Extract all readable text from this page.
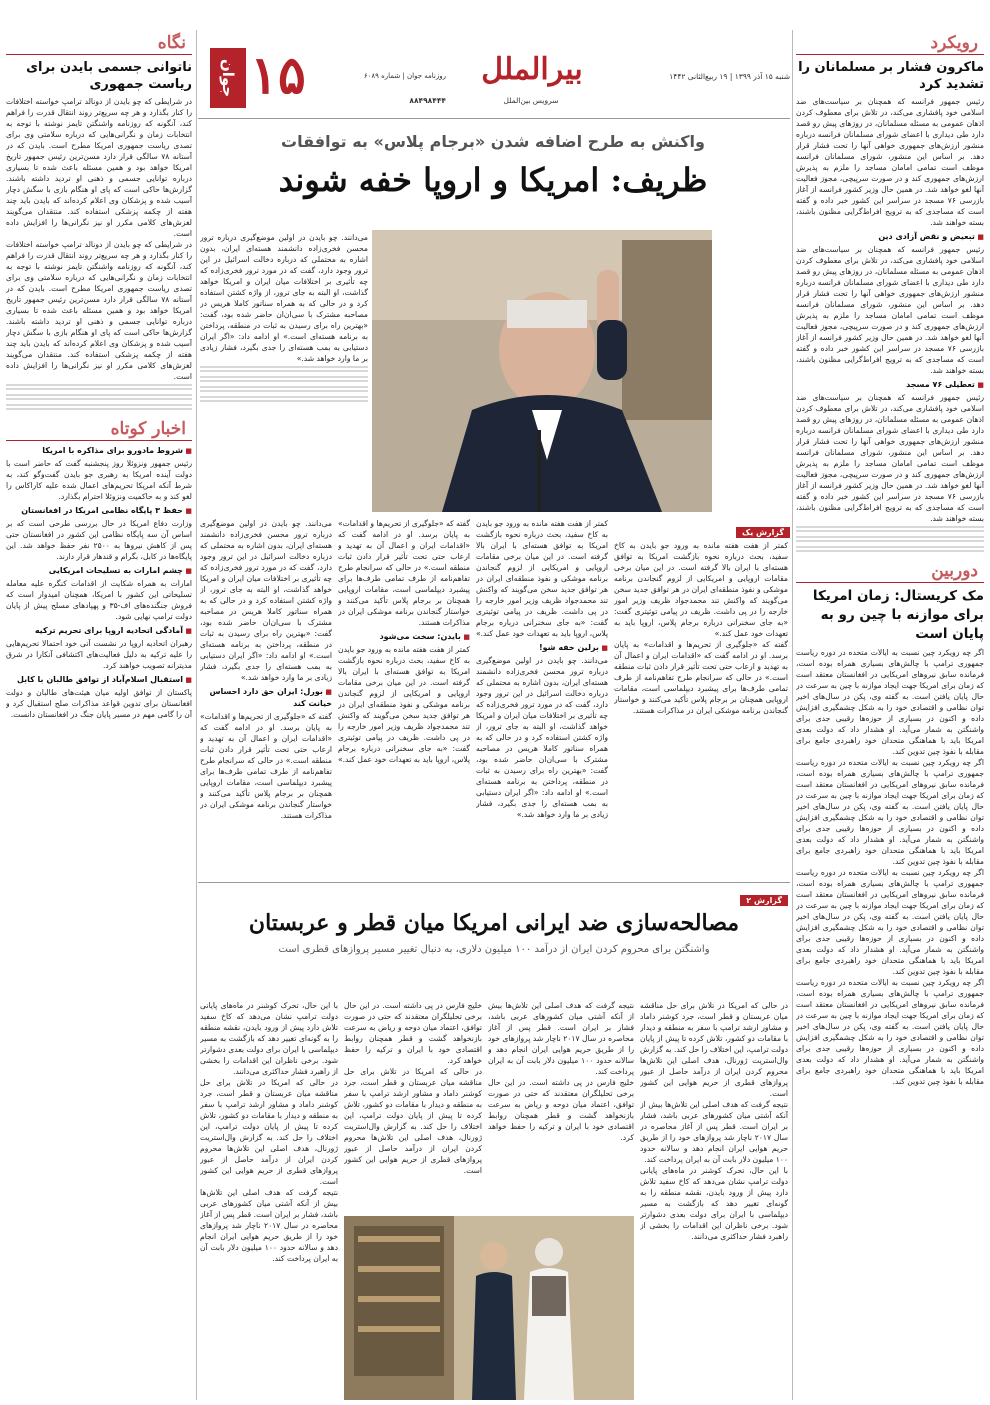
جوان ۱۵	روزنامه جوان | شماره ۶۰۸۹
۸۸۴۹۸۴۴۴
بیرالملل
سرویس بین‌الملل
شنبه ۱۵ آذر ۱۳۹۹ | ۱۹ ربیع‌الثانی ۱۴۴۲
واکنش به طرح اضافه شدن «برجام پلاس» به توافقات
ظریف: امریکا و اروپا خفه شوند

می‌دانند. چو بایدن در اولین موضع‌گیری درباره ترور محسن فخری‌زاده دانشمند هسته‌ای ایران، بدون اشاره به محتملی که درباره دخالت اسرائیل در این ترور وجود دارد، گفت که در مورد ترور فخری‌زاده که چه تأثیری بر اختلافات میان ایران و امریکا خواهد گذاشت، او البته به جای ترور، از واژه کشتن استفاده کرد و در حالی که به همراه سناتور کاملا هریس در مصاحبه مشترک با سی‌ان‌ان حاضر شده بود، گفت: «بهترین راه برای رسیدن به ثبات در منطقه، پرداختن به برنامه هسته‌ای است.» او ادامه داد: «اگر ایران دستیابی به بمب هسته‌ای را جدی بگیرد، فشار زیادی بر ما وارد خواهد شد.»

گزارش یک

می‌دانند. چو بایدن در اولین موضع‌گیری درباره ترور محسن فخری‌زاده دانشمند هسته‌ای ایران، بدون اشاره به محتملی که درباره دخالت اسرائیل در این ترور وجود دارد، گفت که در مورد ترور فخری‌زاده که چه تأثیری بر اختلافات میان ایران و امریکا خواهد گذاشت، او البته به جای ترور، از واژه کشتن استفاده کرد و در حالی که به همراه سناتور کاملا هریس در مصاحبه مشترک با سی‌ان‌ان حاضر شده بود، گفت: «بهترین راه برای رسیدن به ثبات در منطقه، پرداختن به برنامه هسته‌ای است.» او ادامه داد: «اگر ایران دستیابی به بمب هسته‌ای را جدی بگیرد، فشار زیادی بر ما وارد خواهد شد.»

■ بورل: ایران حق دارد احساس خیانت کند

گفته که «جلوگیری از تحریم‌ها و اقدامات» به پایان برسد. او در ادامه گفت که «اقدامات ایران و اعمال آن به تهدید و ارعاب حتی تحت تأثیر قرار دادن ثبات منطقه است.» در حالی که سرانجام طرح تفاهم‌نامه از طرف تمامی طرف‌ها برای پیشبرد دیپلماسی است، مقامات اروپایی همچنان بر برجام پلاس تأکید می‌کنند و خواستار گنجاندن برنامه موشکی ایران در مذاکرات هستند.

گفته که «جلوگیری از تحریم‌ها و اقدامات» به پایان برسد. او در ادامه گفت که «اقدامات ایران و اعمال آن به تهدید و ارعاب حتی تحت تأثیر قرار دادن ثبات منطقه است.» در حالی که سرانجام طرح تفاهم‌نامه از طرف تمامی طرف‌ها برای پیشبرد دیپلماسی است، مقامات اروپایی همچنان بر برجام پلاس تأکید می‌کنند و خواستار گنجاندن برنامه موشکی ایران در مذاکرات هستند.

■ بایدن: سخت می‌شود

کمتر از هفت هفته مانده به ورود جو بایدن به کاخ سفید، بحث درباره نحوه بازگشت امریکا به توافق هسته‌ای با ایران بالا گرفته است. در این میان برخی مقامات اروپایی و امریکایی از لزوم گنجاندن برنامه موشکی و نفوذ منطقه‌ای ایران در هر توافق جدید سخن می‌گویند که واکنش تند محمدجواد ظریف وزیر امور خارجه را در پی داشت. ظریف در پیامی توئیتری گفت: «به جای سخنرانی درباره برجام پلاس، اروپا باید به تعهدات خود عمل کند.»

کمتر از هفت هفته مانده به ورود جو بایدن به کاخ سفید، بحث درباره نحوه بازگشت امریکا به توافق هسته‌ای با ایران بالا گرفته است. در این میان برخی مقامات اروپایی و امریکایی از لزوم گنجاندن برنامه موشکی و نفوذ منطقه‌ای ایران در هر توافق جدید سخن می‌گویند که واکنش تند محمدجواد ظریف وزیر امور خارجه را در پی داشت. ظریف در پیامی توئیتری گفت: «به جای سخنرانی درباره برجام پلاس، اروپا باید به تعهدات خود عمل کند.»

■ برلین خفه شو!

می‌دانند. چو بایدن در اولین موضع‌گیری درباره ترور محسن فخری‌زاده دانشمند هسته‌ای ایران، بدون اشاره به محتملی که درباره دخالت اسرائیل در این ترور وجود دارد، گفت که در مورد ترور فخری‌زاده که چه تأثیری بر اختلافات میان ایران و امریکا خواهد گذاشت، او البته به جای ترور، از واژه کشتن استفاده کرد و در حالی که به همراه سناتور کاملا هریس در مصاحبه مشترک با سی‌ان‌ان حاضر شده بود، گفت: «بهترین راه برای رسیدن به ثبات در منطقه، پرداختن به برنامه هسته‌ای است.» او ادامه داد: «اگر ایران دستیابی به بمب هسته‌ای را جدی بگیرد، فشار زیادی بر ما وارد خواهد شد.»

کمتر از هفت هفته مانده به ورود جو بایدن به کاخ سفید، بحث درباره نحوه بازگشت امریکا به توافق هسته‌ای با ایران بالا گرفته است. در این میان برخی مقامات اروپایی و امریکایی از لزوم گنجاندن برنامه موشکی و نفوذ منطقه‌ای ایران در هر توافق جدید سخن می‌گویند که واکنش تند محمدجواد ظریف وزیر امور خارجه را در پی داشت. ظریف در پیامی توئیتری گفت: «به جای سخنرانی درباره برجام پلاس، اروپا باید به تعهدات خود عمل کند.»

گفته که «جلوگیری از تحریم‌ها و اقدامات» به پایان برسد. او در ادامه گفت که «اقدامات ایران و اعمال آن به تهدید و ارعاب حتی تحت تأثیر قرار دادن ثبات منطقه است.» در حالی که سرانجام طرح تفاهم‌نامه از طرف تمامی طرف‌ها برای پیشبرد دیپلماسی است، مقامات اروپایی همچنان بر برجام پلاس تأکید می‌کنند و خواستار گنجاندن برنامه موشکی ایران در مذاکرات هستند.

گزارش ۲
مصالحه‌سازی ضد ایرانی امریکا میان قطر و عربستان
واشنگتن برای محروم کردن ایران از درآمد ۱۰۰ میلیون دلاری، به دنبال تغییر مسیر پروازهای قطری است

در حالی که امریکا در تلاش برای حل مناقشه میان عربستان و قطر است، جرد کوشنر داماد و مشاور ارشد ترامپ با سفر به منطقه و دیدار با مقامات دو کشور، تلاش کرده تا پیش از پایان دولت ترامپ، این اختلاف را حل کند. به گزارش وال‌استریت ژورنال، هدف اصلی این تلاش‌ها محروم کردن ایران از درآمد حاصل از عبور پروازهای قطری از حریم هوایی این کشور است.

نتیجه گرفت که هدف اصلی این تلاش‌ها بیش از آنکه آشتی میان کشورهای عربی باشد، فشار بر ایران است. قطر پس از آغاز محاصره در سال ۲۰۱۷ ناچار شد پروازهای خود را از طریق حریم هوایی ایران انجام دهد و سالانه حدود ۱۰۰ میلیون دلار بابت آن به ایران پرداخت کند.

با این حال، تحرک کوشنر در ماه‌های پایانی دولت ترامپ نشان می‌دهد که کاخ سفید تلاش دارد پیش از ورود بایدن، نقشه منطقه را به گونه‌ای تغییر دهد که بازگشت به مسیر دیپلماسی با ایران برای دولت بعدی دشوارتر شود. برخی ناظران این اقدامات را بخشی از راهبرد فشار حداکثری می‌دانند.

نتیجه گرفت که هدف اصلی این تلاش‌ها بیش از آنکه آشتی میان کشورهای عربی باشد، فشار بر ایران است. قطر پس از آغاز محاصره در سال ۲۰۱۷ ناچار شد پروازهای خود را از طریق حریم هوایی ایران انجام دهد و سالانه حدود ۱۰۰ میلیون دلار بابت آن به ایران پرداخت کند.

خلیج فارس در پی داشته است. در این حال برخی تحلیلگران معتقدند که حتی در صورت توافق، اعتماد میان دوحه و ریاض به سرعت بازنخواهد گشت و قطر همچنان روابط اقتصادی خود با ایران و ترکیه را حفظ خواهد کرد.

خلیج فارس در پی داشته است. در این حال برخی تحلیلگران معتقدند که حتی در صورت توافق، اعتماد میان دوحه و ریاض به سرعت بازنخواهد گشت و قطر همچنان روابط اقتصادی خود با ایران و ترکیه را حفظ خواهد کرد.

در حالی که امریکا در تلاش برای حل مناقشه میان عربستان و قطر است، جرد کوشنر داماد و مشاور ارشد ترامپ با سفر به منطقه و دیدار با مقامات دو کشور، تلاش کرده تا پیش از پایان دولت ترامپ، این اختلاف را حل کند. به گزارش وال‌استریت ژورنال، هدف اصلی این تلاش‌ها محروم کردن ایران از درآمد حاصل از عبور پروازهای قطری از حریم هوایی این کشور است.

با این حال، تحرک کوشنر در ماه‌های پایانی دولت ترامپ نشان می‌دهد که کاخ سفید تلاش دارد پیش از ورود بایدن، نقشه منطقه را به گونه‌ای تغییر دهد که بازگشت به مسیر دیپلماسی با ایران برای دولت بعدی دشوارتر شود. برخی ناظران این اقدامات را بخشی از راهبرد فشار حداکثری می‌دانند.

در حالی که امریکا در تلاش برای حل مناقشه میان عربستان و قطر است، جرد کوشنر داماد و مشاور ارشد ترامپ با سفر به منطقه و دیدار با مقامات دو کشور، تلاش کرده تا پیش از پایان دولت ترامپ، این اختلاف را حل کند. به گزارش وال‌استریت ژورنال، هدف اصلی این تلاش‌ها محروم کردن ایران از درآمد حاصل از عبور پروازهای قطری از حریم هوایی این کشور است.

نتیجه گرفت که هدف اصلی این تلاش‌ها بیش از آنکه آشتی میان کشورهای عربی باشد، فشار بر ایران است. قطر پس از آغاز محاصره در سال ۲۰۱۷ ناچار شد پروازهای خود را از طریق حریم هوایی ایران انجام دهد و سالانه حدود ۱۰۰ میلیون دلار بابت آن به ایران پرداخت کند.

نگاه
ناتوانی جسمی بایدن برای ریاست جمهوری

در شرایطی که چو بایدن از دونالد ترامپ خواسته اختلافات را کنار بگذارد و هر چه سریع‌تر روند انتقال قدرت را فراهم کند، آنگونه که روزنامه واشنگتن تایمز نوشته با توجه به انتخابات زمان و نگرانی‌هایی که درباره سلامتی وی برای تصدی ریاست جمهوری امریکا مطرح است. بایدن که در آستانه ۷۸ سالگی قرار دارد مسن‌ترین رئیس جمهور تاریخ امریکا خواهد بود و همین مسئله باعث شده تا بسیاری درباره توانایی جسمی و ذهنی او تردید داشته باشند. گزارش‌ها حاکی است که پای او هنگام بازی با سگش دچار آسیب شده و پزشکان وی اعلام کرده‌اند که بایدن باید چند هفته از چکمه پزشکی استفاده کند. منتقدان می‌گویند لغزش‌های کلامی مکرر او نیز نگرانی‌ها را افزایش داده است.

در شرایطی که چو بایدن از دونالد ترامپ خواسته اختلافات را کنار بگذارد و هر چه سریع‌تر روند انتقال قدرت را فراهم کند، آنگونه که روزنامه واشنگتن تایمز نوشته با توجه به انتخابات زمان و نگرانی‌هایی که درباره سلامتی وی برای تصدی ریاست جمهوری امریکا مطرح است. بایدن که در آستانه ۷۸ سالگی قرار دارد مسن‌ترین رئیس جمهور تاریخ امریکا خواهد بود و همین مسئله باعث شده تا بسیاری درباره توانایی جسمی و ذهنی او تردید داشته باشند. گزارش‌ها حاکی است که پای او هنگام بازی با سگش دچار آسیب شده و پزشکان وی اعلام کرده‌اند که بایدن باید چند هفته از چکمه پزشکی استفاده کند. منتقدان می‌گویند لغزش‌های کلامی مکرر او نیز نگرانی‌ها را افزایش داده است.

اخبار کوتاه
■ شروط مادورو برای مذاکره با امریکا

رئیس جمهور ونزوئلا روز پنجشنبه گفت که حاضر است با دولت آینده امریکا به رهبری جو بایدن گفت‌وگو کند، به شرط آنکه امریکا تحریم‌های اعمال شده علیه کاراکاس را لغو کند و به حاکمیت ونزوئلا احترام بگذارد.

■ حفظ ۳ پایگاه نظامی امریکا در افغانستان

وزارت دفاع امریکا در حال بررسی طرحی است که بر اساس آن سه پایگاه نظامی این کشور در افغانستان حتی پس از کاهش نیروها به ۲۵۰۰ نفر حفظ خواهد شد. این پایگاه‌ها در کابل، بگرام و قندهار قرار دارند.

■ چشم امارات به تسلیحات امریکایی

امارات به همراه شکایت از اقدامات کنگره علیه معامله تسلیحاتی این کشور با امریکا، همچنان امیدوار است که فروش جنگنده‌های اف-۳۵ و پهپادهای مسلح پیش از پایان دولت ترامپ نهایی شود.

■ آمادگی اتحادیه اروپا برای تحریم ترکیه

رهبران اتحادیه اروپا در نشست آتی خود احتمالا تحریم‌هایی را علیه ترکیه به دلیل فعالیت‌های اکتشافی آنکارا در شرق مدیترانه تصویب خواهند کرد.

■ استقبال اسلام‌آباد از توافق طالبان با کابل

پاکستان از توافق اولیه میان هیئت‌های طالبان و دولت افغانستان برای تدوین قواعد مذاکرات صلح استقبال کرد و آن را گامی مهم در مسیر پایان جنگ در افغانستان دانست.

رویکرد
ماکرون فشار بر مسلمانان را تشدید کرد

رئیس جمهور فرانسه که همچنان بر سیاست‌های ضد اسلامی خود پافشاری می‌کند، در تلاش برای معطوف کردن اذهان عمومی به مسئله مسلمانان، در روزهای پیش رو قصد دارد طی دیداری با اعضای شورای مسلمانان فرانسه درباره منشور ارزش‌های جمهوری خواهی آنها را تحت فشار قرار دهد. بر اساس این منشور، شورای مسلمانان فرانسه موظف است تمامی امامان مساجد را ملزم به پذیرش ارزش‌های جمهوری کند و در صورت سرپیچی، مجوز فعالیت آنها لغو خواهد شد. در همین حال وزیر کشور فرانسه از آغاز بازرسی ۷۶ مسجد در سراسر این کشور خبر داده و گفته است که مساجدی که به ترویج افراط‌گرایی مظنون باشند، بسته خواهند شد.

■ تبعیض و نقض آزادی دین

رئیس جمهور فرانسه که همچنان بر سیاست‌های ضد اسلامی خود پافشاری می‌کند، در تلاش برای معطوف کردن اذهان عمومی به مسئله مسلمانان، در روزهای پیش رو قصد دارد طی دیداری با اعضای شورای مسلمانان فرانسه درباره منشور ارزش‌های جمهوری خواهی آنها را تحت فشار قرار دهد. بر اساس این منشور، شورای مسلمانان فرانسه موظف است تمامی امامان مساجد را ملزم به پذیرش ارزش‌های جمهوری کند و در صورت سرپیچی، مجوز فعالیت آنها لغو خواهد شد. در همین حال وزیر کشور فرانسه از آغاز بازرسی ۷۶ مسجد در سراسر این کشور خبر داده و گفته است که مساجدی که به ترویج افراط‌گرایی مظنون باشند، بسته خواهند شد.

■ تعطیلی ۷۶ مسجد

رئیس جمهور فرانسه که همچنان بر سیاست‌های ضد اسلامی خود پافشاری می‌کند، در تلاش برای معطوف کردن اذهان عمومی به مسئله مسلمانان، در روزهای پیش رو قصد دارد طی دیداری با اعضای شورای مسلمانان فرانسه درباره منشور ارزش‌های جمهوری خواهی آنها را تحت فشار قرار دهد. بر اساس این منشور، شورای مسلمانان فرانسه موظف است تمامی امامان مساجد را ملزم به پذیرش ارزش‌های جمهوری کند و در صورت سرپیچی، مجوز فعالیت آنها لغو خواهد شد. در همین حال وزیر کشور فرانسه از آغاز بازرسی ۷۶ مسجد در سراسر این کشور خبر داده و گفته است که مساجدی که به ترویج افراط‌گرایی مظنون باشند، بسته خواهند شد.

دوربین
مک کریستال: زمان امریکا برای موازنه با چین رو به پایان است

اگر چه رویکرد چین نسبت به ایالات متحده در دوره ریاست جمهوری ترامپ با چالش‌های بسیاری همراه بوده است، فرمانده سابق نیروهای امریکایی در افغانستان معتقد است که زمان برای امریکا جهت ایجاد موازنه با چین به سرعت در حال پایان یافتن است. به گفته وی، پکن در سال‌های اخیر توان نظامی و اقتصادی خود را به شکل چشمگیری افزایش داده و اکنون در بسیاری از حوزه‌ها رقیبی جدی برای واشنگتن به شمار می‌آید. او هشدار داد که دولت بعدی امریکا باید با هماهنگی متحدان خود راهبردی جامع برای مقابله با نفوذ چین تدوین کند.

اگر چه رویکرد چین نسبت به ایالات متحده در دوره ریاست جمهوری ترامپ با چالش‌های بسیاری همراه بوده است، فرمانده سابق نیروهای امریکایی در افغانستان معتقد است که زمان برای امریکا جهت ایجاد موازنه با چین به سرعت در حال پایان یافتن است. به گفته وی، پکن در سال‌های اخیر توان نظامی و اقتصادی خود را به شکل چشمگیری افزایش داده و اکنون در بسیاری از حوزه‌ها رقیبی جدی برای واشنگتن به شمار می‌آید. او هشدار داد که دولت بعدی امریکا باید با هماهنگی متحدان خود راهبردی جامع برای مقابله با نفوذ چین تدوین کند.

اگر چه رویکرد چین نسبت به ایالات متحده در دوره ریاست جمهوری ترامپ با چالش‌های بسیاری همراه بوده است، فرمانده سابق نیروهای امریکایی در افغانستان معتقد است که زمان برای امریکا جهت ایجاد موازنه با چین به سرعت در حال پایان یافتن است. به گفته وی، پکن در سال‌های اخیر توان نظامی و اقتصادی خود را به شکل چشمگیری افزایش داده و اکنون در بسیاری از حوزه‌ها رقیبی جدی برای واشنگتن به شمار می‌آید. او هشدار داد که دولت بعدی امریکا باید با هماهنگی متحدان خود راهبردی جامع برای مقابله با نفوذ چین تدوین کند.

اگر چه رویکرد چین نسبت به ایالات متحده در دوره ریاست جمهوری ترامپ با چالش‌های بسیاری همراه بوده است، فرمانده سابق نیروهای امریکایی در افغانستان معتقد است که زمان برای امریکا جهت ایجاد موازنه با چین به سرعت در حال پایان یافتن است. به گفته وی، پکن در سال‌های اخیر توان نظامی و اقتصادی خود را به شکل چشمگیری افزایش داده و اکنون در بسیاری از حوزه‌ها رقیبی جدی برای واشنگتن به شمار می‌آید. او هشدار داد که دولت بعدی امریکا باید با هماهنگی متحدان خود راهبردی جامع برای مقابله با نفوذ چین تدوین کند.
